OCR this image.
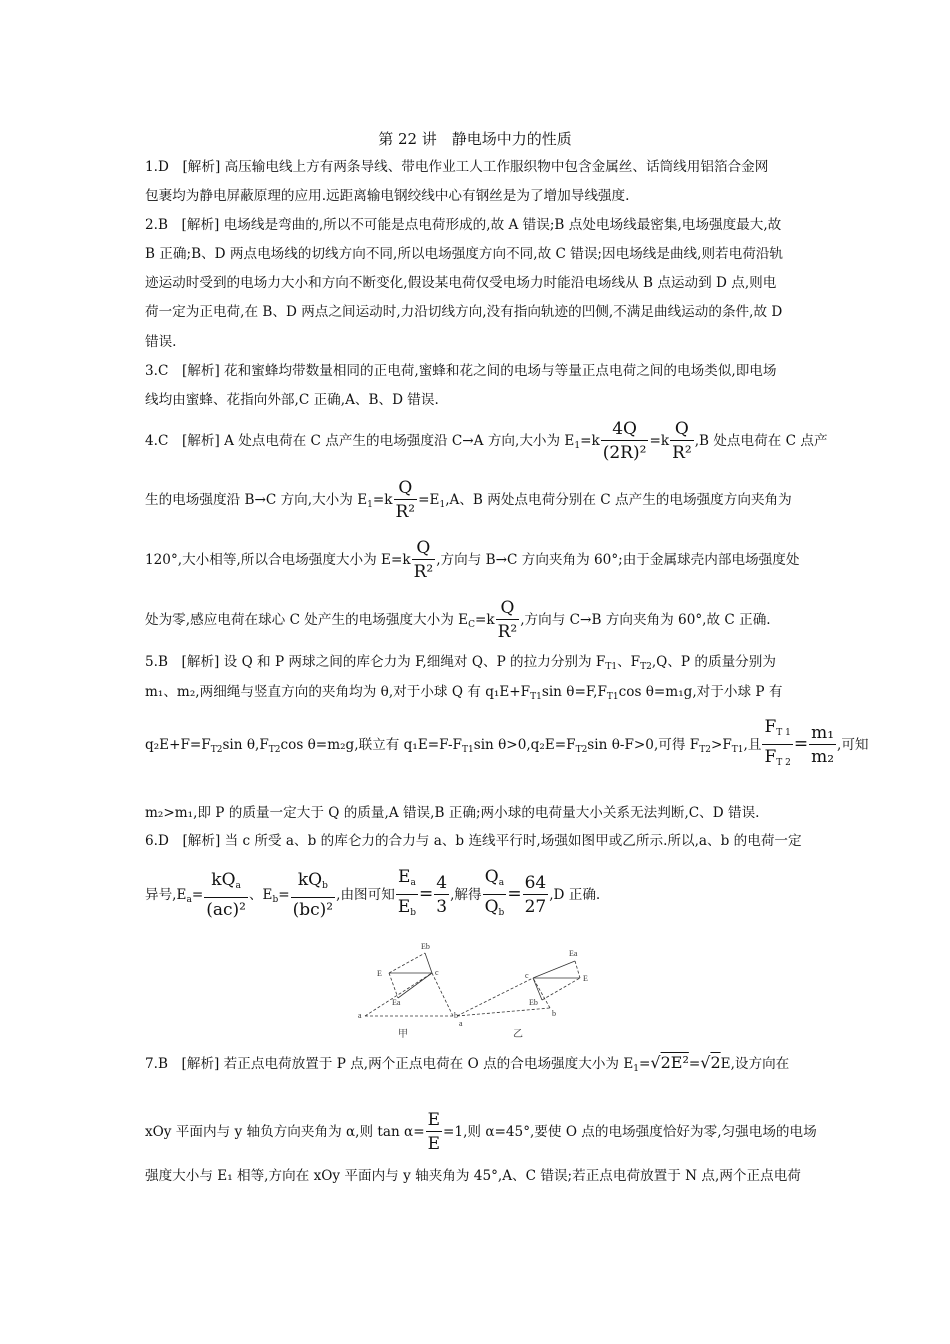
第 22 讲　静电场中力的性质
1.D　[解析] 高压输电线上方有两条导线、带电作业工人工作服织物中包含金属丝、话筒线用铝箔合金网
包裹均为静电屏蔽原理的应用.远距离输电钢绞线中心有钢丝是为了增加导线强度.
2.B　[解析] 电场线是弯曲的,所以不可能是点电荷形成的,故 A 错误;B 点处电场线最密集,电场强度最大,故
B 正确;B、D 两点电场线的切线方向不同,所以电场强度方向不同,故 C 错误;因电场线是曲线,则若电荷沿轨
迹运动时受到的电场力大小和方向不断变化,假设某电荷仅受电场力时能沿电场线从 B 点运动到 D 点,则电
荷一定为正电荷,在 B、D 两点之间运动时,力沿切线方向,没有指向轨迹的凹侧,不满足曲线运动的条件,故 D
错误.
3.C　[解析] 花和蜜蜂均带数量相同的正电荷,蜜蜂和花之间的电场与等量正点电荷之间的电场类似,即电场
线均由蜜蜂、花指向外部,C 正确,A、B、D 错误.
4.C　[解析] A 处点电荷在 C 点产生的电场强度沿 C→A 方向,大小为 $E_1=k \frac{4Q}{\text{(2R)²}} =k \frac{Q}{\text{R²}} ,B$ 处点电荷在 C 点产
生的电场强度沿 B→C 方向,大小为 $E_1=k \frac{Q}{\text{R²}} =E_1,A$、B 两处点电荷分别在 C 点产生的电场强度方向夹角为
120°,大小相等,所以合电场强度大小为 $E=k \frac{Q}{\text{R²}}$ ,方向与 B→C 方向夹角为 60°;由于金属球壳内部电场强度处
处为零,感应电荷在球心 C 处产生的电场强度大小为 $E_C=k \frac{Q}{\text{R²}}$ ,方向与 C→B 方向夹角为 60°,故 C 正确.
5.B　[解析] 设 Q 和 P 两球之间的库仑力为 F,细绳对 Q、P 的拉力分别为 $F_{T1}$、$F_{T2},Q$、P 的质量分别为
m₁、m₂,两细绳与竖直方向的夹角均为 θ,对于小球 Q 有 $q_1E+F_{T1}\sin$ $\theta=F,F_{T1}\cos$ θ=m₁g,对于小球 P 有
$q_2E+F=F_{T2}\sin$ $\theta,F_{T2}\cos$ θ=m₂g,联立有 $q_1E=F-F_{T1}\sin$ $\theta>0,q_2E=F_{T2}\sin$ θ-F>0,可得 $F_{T2}>F_{T1}$,且 $\frac{F_{T 1}}{F_{T 2}} = \frac{\text{m₁}}{\text{m₂}}$ ,可知
m₂>m₁,即 P 的质量一定大于 Q 的质量,A 错误,B 正确;两小球的电荷量大小关系无法判断,C、D 错误.
6.D　[解析] 当 c 所受 a、b 的库仑力的合力与 a、b 连线平行时,场强如图甲或乙所示.所以,a、b 的电荷一定
异号$,E_a= \frac{kQ_a}{\text{(ac)²}}$ 、$E_b= \frac{kQ_b}{\text{(bc)²}}$ ,由图可知 $\frac{E_a}{E_b} = \frac{4}{3}$ ,解得 $\frac{Q_a}{Q_b} = \frac{64}{27} ,D$ 正确.
a	b
c
E
Eb
Ea
a
b
c	E
Ea
Eb
甲	乙
7.B　[解析] 若正点电荷放置于 P 点,两个正点电荷在 O 点的合电场强度大小为 $E_1=√2E^2=√2E$,设方向在
xOy 平面内与 y 轴负方向夹角为 α,则 $\tan \alpha= \frac{E}{E} =1$,则 α=45°,要使 O 点的电场强度恰好为零,匀强电场的电场
强度大小与 E₁ 相等,方向在 xOy 平面内与 y 轴夹角为 45°,A、C 错误;若正点电荷放置于 N 点,两个正点电荷
